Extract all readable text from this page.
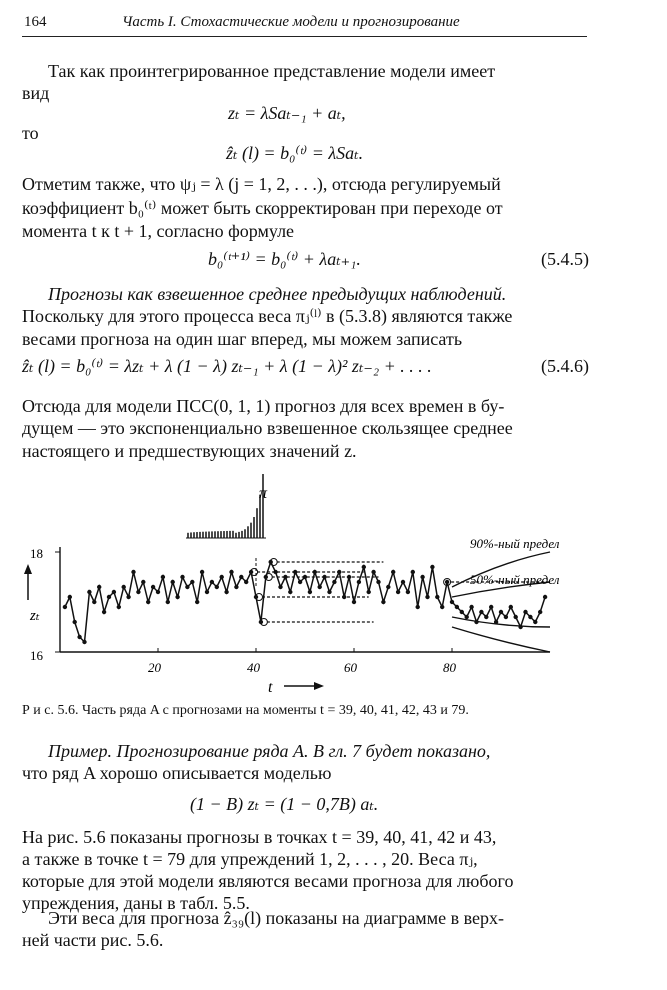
164	Часть I. Стохастические модели и прогнозирование
Так как проинтегрированное представление модели имеет
вид
zₜ = λSaₜ₋₁ + aₜ,
то
ẑₜ (l) = b₀⁽ᵗ⁾ = λSaₜ.
Отметим также, что ψⱼ = λ (j = 1, 2, . . .), отсюда регулируемый
коэффициент b₀⁽ᵗ⁾ может быть скорректирован при переходе от
момента t к t + 1, согласно формуле
b₀⁽ᵗ⁺¹⁾ = b₀⁽ᵗ⁾ + λaₜ₊₁.	(5.4.5)
Прогнозы как взвешенное среднее предыдущих наблюдений.
Поскольку для этого процесса веса πⱼ⁽ˡ⁾ в (5.3.8) являются также
весами прогноза на один шаг вперед, мы можем записать
ẑₜ (l) = b₀⁽ᵗ⁾ = λzₜ + λ (1 − λ) zₜ₋₁ + λ (1 − λ)² zₜ₋₂ + . . . .	(5.4.6)
Отсюда для модели ПСС(0, 1, 1) прогноз для всех времен в бу-
дущем — это экспоненциально взвешенное скользящее среднее
настоящего и предшествующих значений z.
18
16
zₜ
20	40	60	80
t
π
90%-ный предел
50%-ный предел
Р и с. 5.6. Часть ряда A с прогнозами на моменты t = 39, 40, 41, 42, 43 и 79.
Пример. Прогнозирование ряда A. В гл. 7 будет показано,
что ряд A хорошо описывается моделью
(1 − B) zₜ = (1 − 0,7B) aₜ.
На рис. 5.6 показаны прогнозы в точках t = 39, 40, 41, 42 и 43,
а также в точке t = 79 для упреждений 1, 2, . . . , 20. Веса πⱼ,
которые для этой модели являются весами прогноза для любого
упреждения, даны в табл. 5.5.
Эти веса для прогноза ẑ₃₉(l) показаны на диаграмме в верх-
ней части рис. 5.6.
